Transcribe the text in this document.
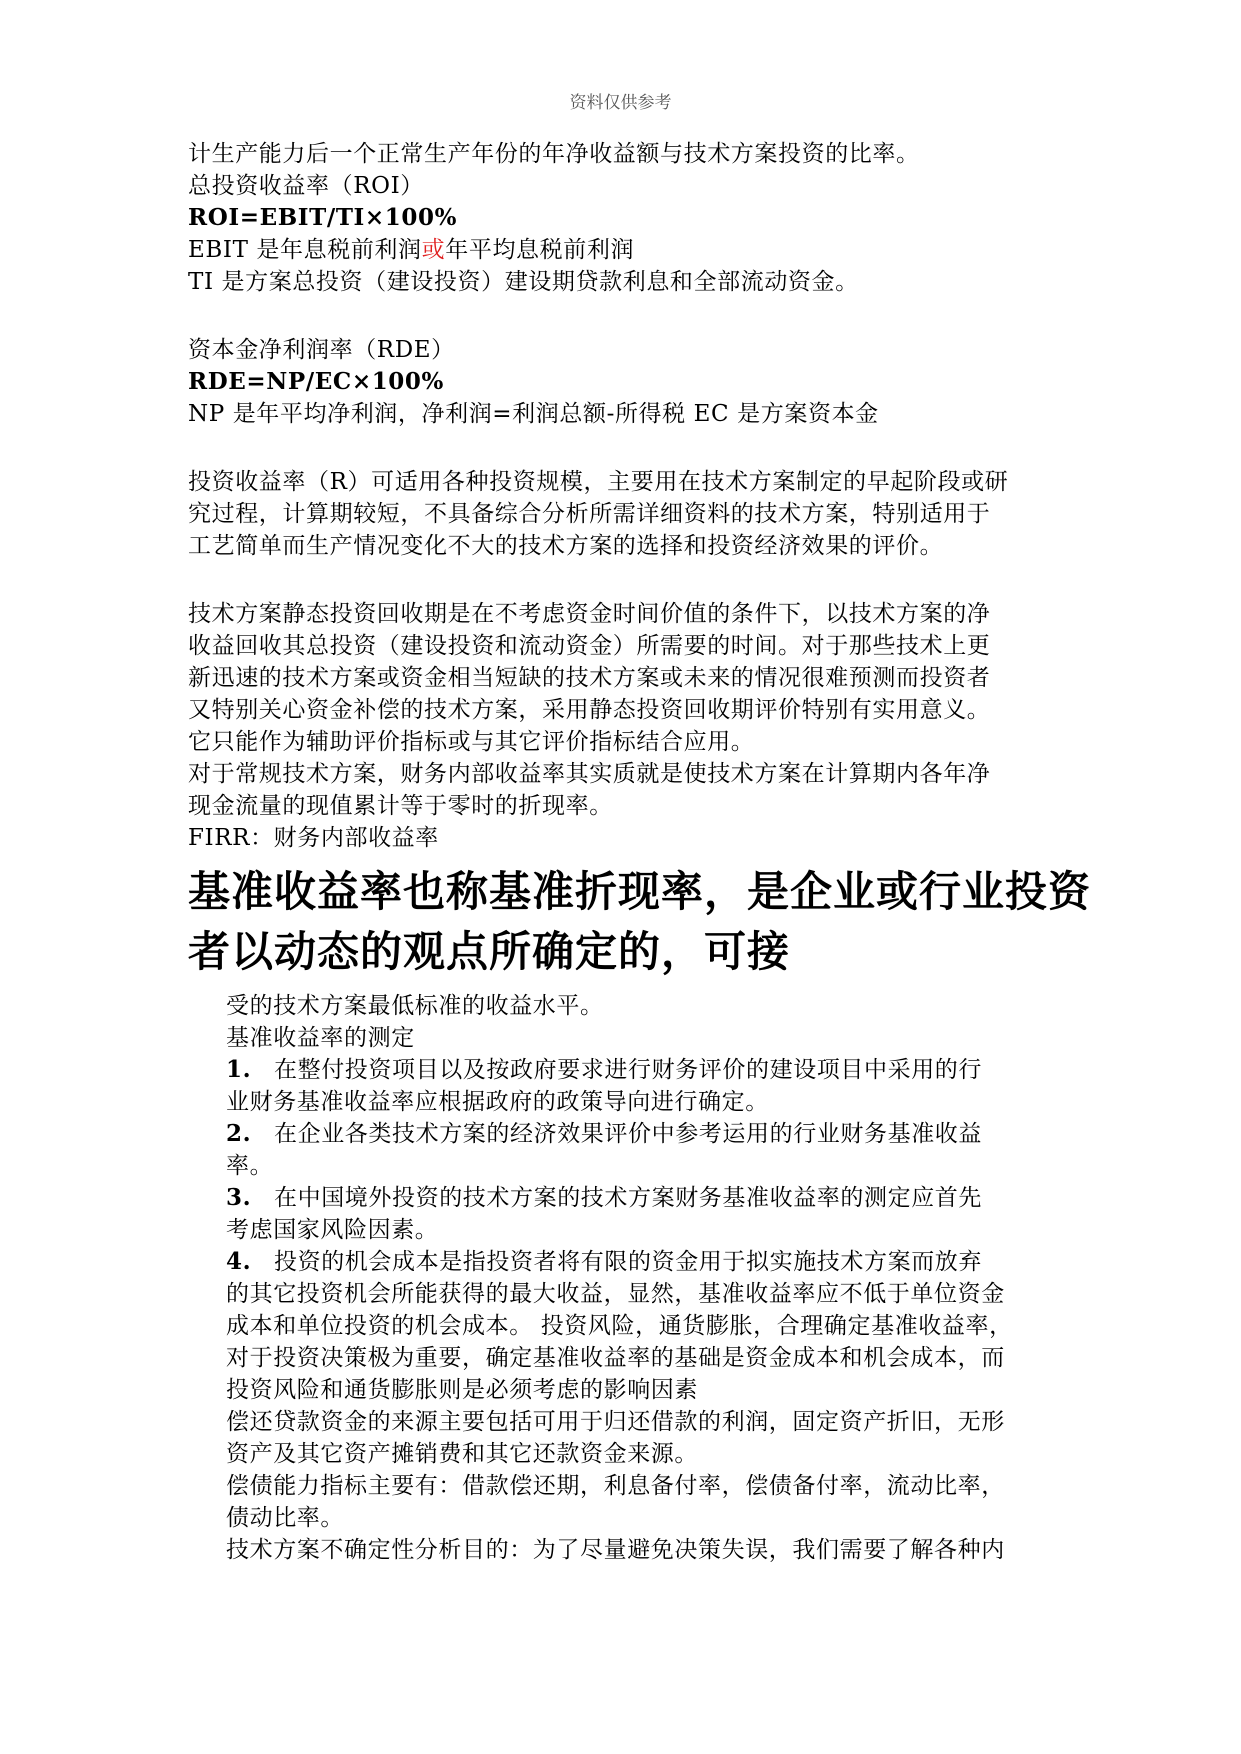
资料仅供参考
计生产能力后一个正常生产年份的年净收益额与技术方案投资的比率。
总投资收益率（ROI）
ROI=EBIT/TI×100%
EBIT 是年息税前利润或年平均息税前利润
TI 是方案总投资（建设投资）建设期贷款利息和全部流动资金。
资本金净利润率（RDE）
RDE=NP/EC×100%
NP 是年平均净利润，净利润=利润总额-所得税 EC 是方案资本金
投资收益率（R）可适用各种投资规模，主要用在技术方案制定的早起阶段或研
究过程，计算期较短，不具备综合分析所需详细资料的技术方案，特别适用于
工艺简单而生产情况变化不大的技术方案的选择和投资经济效果的评价。
技术方案静态投资回收期是在不考虑资金时间价值的条件下，以技术方案的净
收益回收其总投资（建设投资和流动资金）所需要的时间。对于那些技术上更
新迅速的技术方案或资金相当短缺的技术方案或未来的情况很难预测而投资者
又特别关心资金补偿的技术方案，采用静态投资回收期评价特别有实用意义。
它只能作为辅助评价指标或与其它评价指标结合应用。
对于常规技术方案，财务内部收益率其实质就是使技术方案在计算期内各年净
现金流量的现值累计等于零时的折现率。
FIRR：财务内部收益率
基准收益率也称基准折现率，是企业或行业投资
者以动态的观点所确定的，可接
受的技术方案最低标准的收益水平。
基准收益率的测定
1. 在整付投资项目以及按政府要求进行财务评价的建设项目中采用的行
业财务基准收益率应根据政府的政策导向进行确定。
2. 在企业各类技术方案的经济效果评价中参考运用的行业财务基准收益
率。
3. 在中国境外投资的技术方案的技术方案财务基准收益率的测定应首先
考虑国家风险因素。
4. 投资的机会成本是指投资者将有限的资金用于拟实施技术方案而放弃
的其它投资机会所能获得的最大收益，显然，基准收益率应不低于单位资金
成本和单位投资的机会成本。 投资风险，通货膨胀，合理确定基准收益率，
对于投资决策极为重要，确定基准收益率的基础是资金成本和机会成本，而
投资风险和通货膨胀则是必须考虑的影响因素
偿还贷款资金的来源主要包括可用于归还借款的利润，固定资产折旧，无形
资产及其它资产摊销费和其它还款资金来源。
偿债能力指标主要有：借款偿还期，利息备付率，偿债备付率，流动比率，
债动比率。
技术方案不确定性分析目的：为了尽量避免决策失误，我们需要了解各种内
